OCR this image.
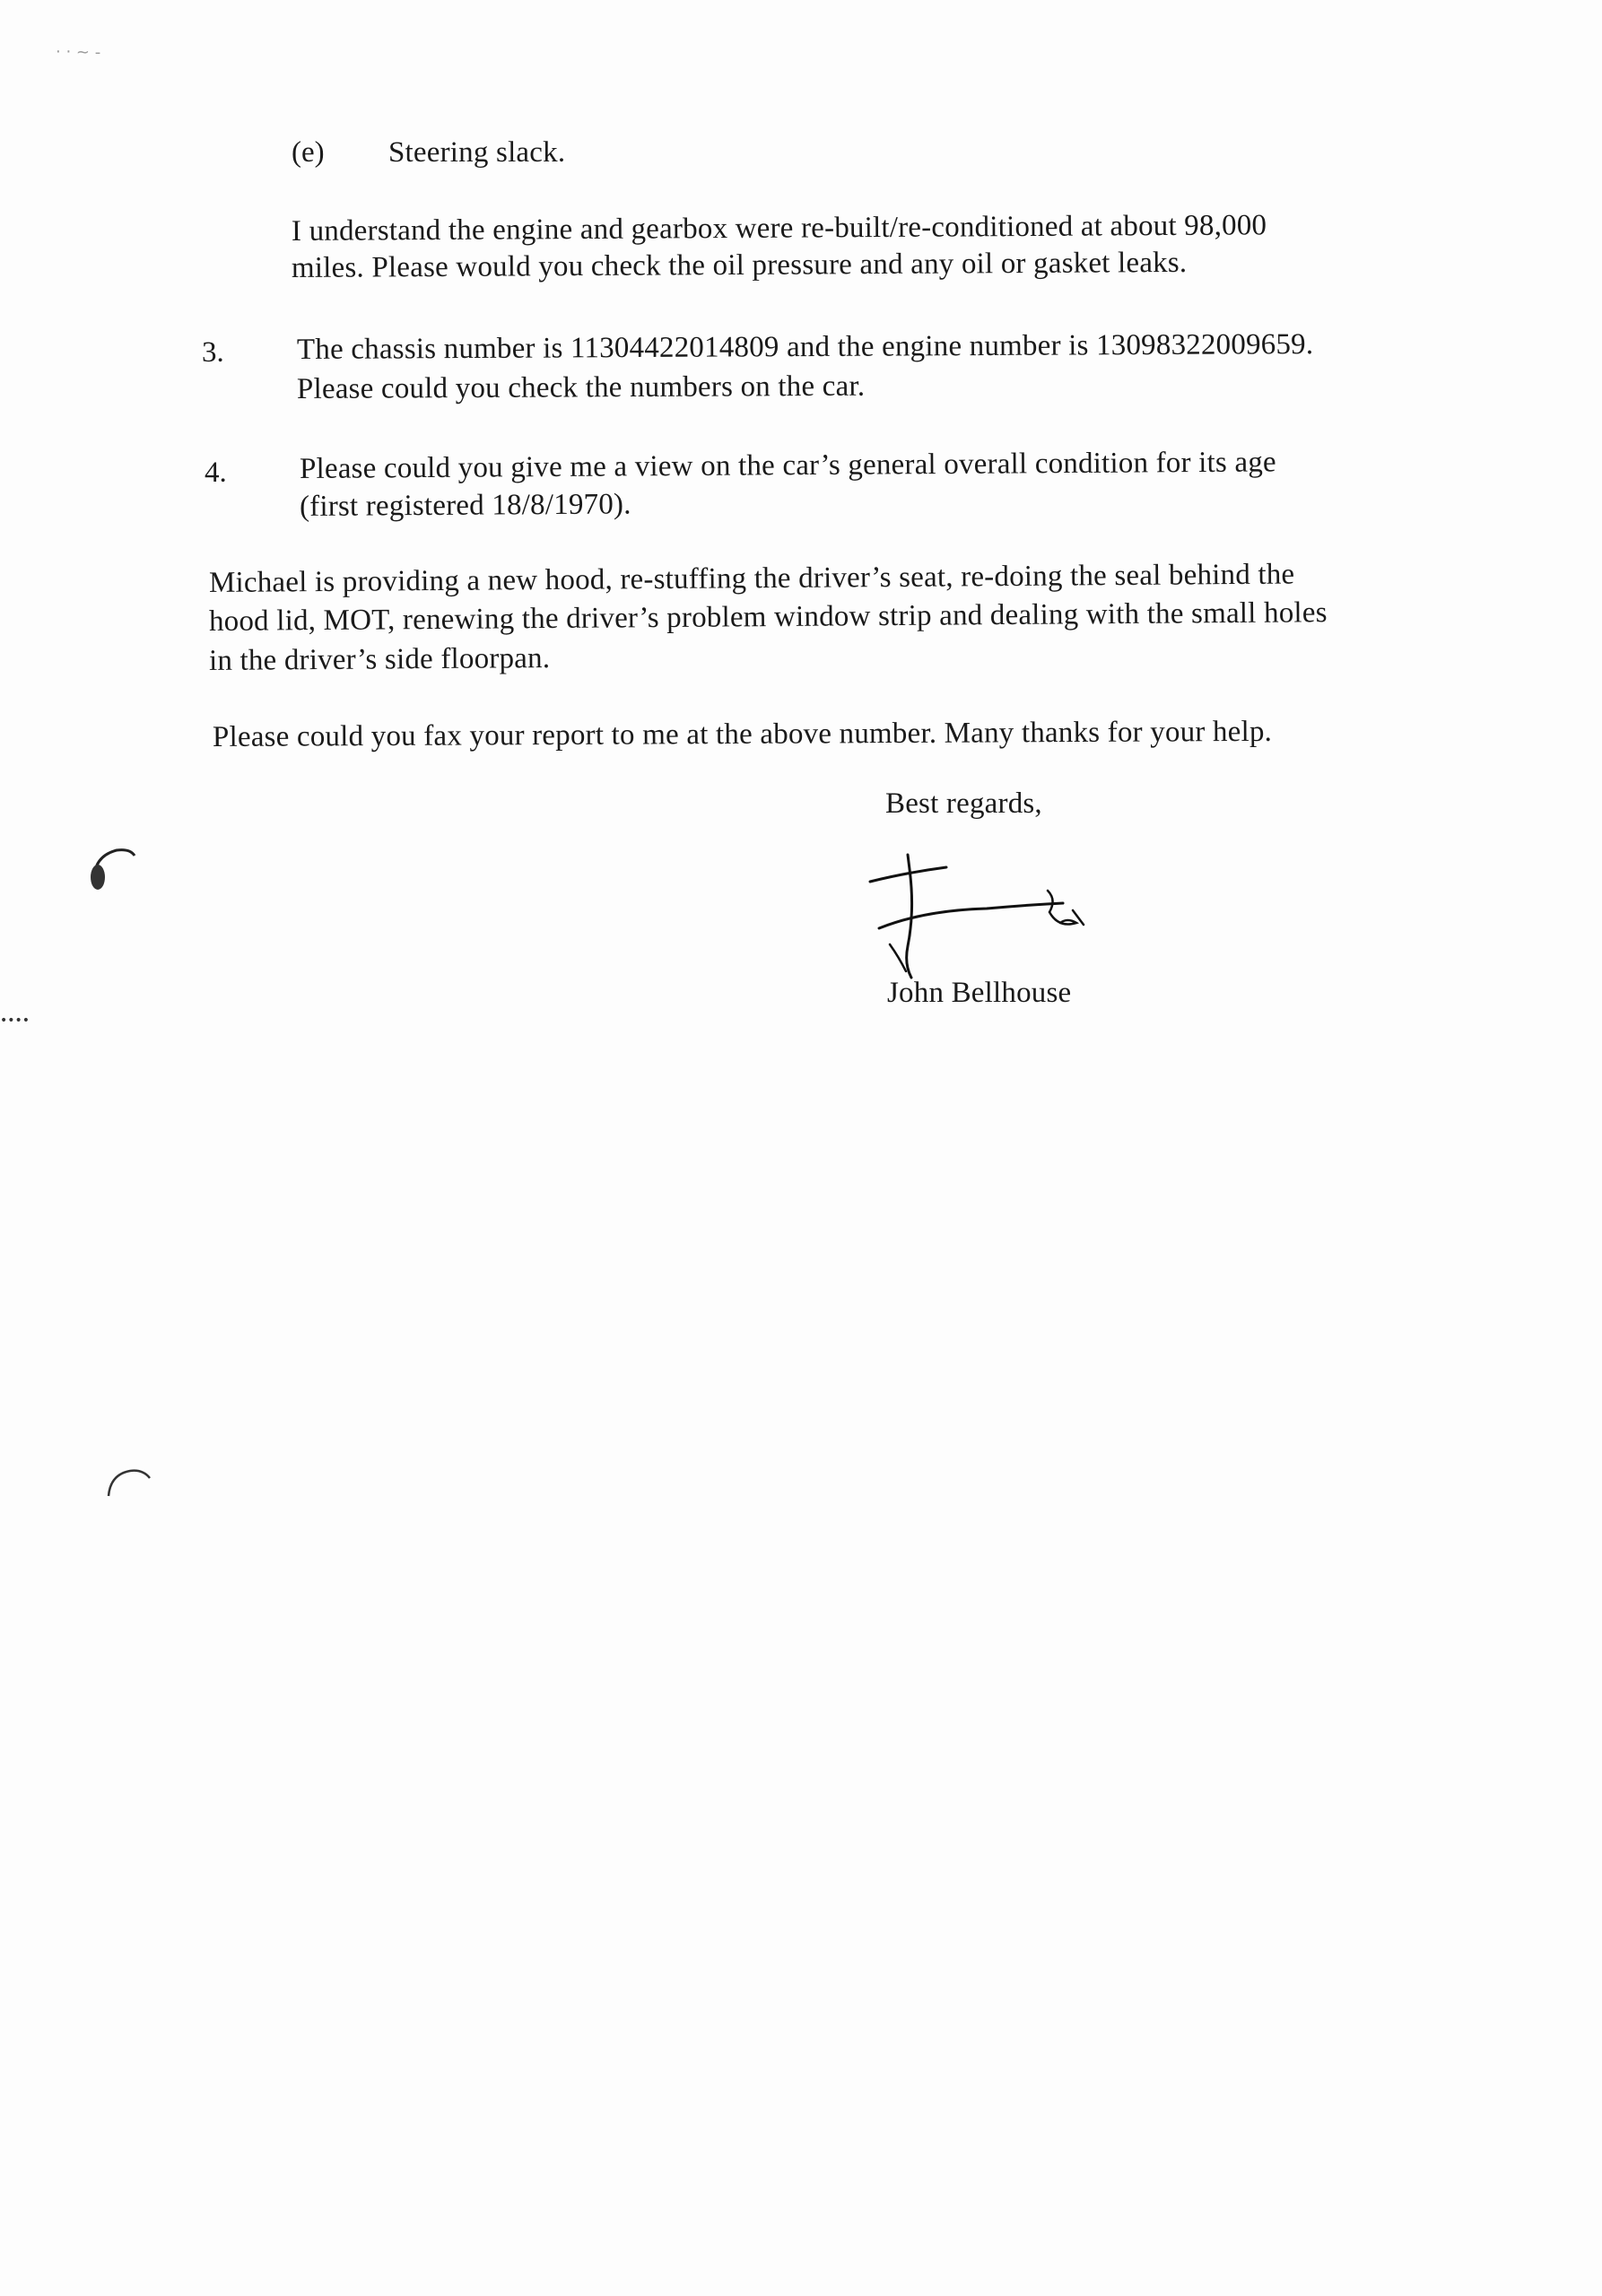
‧ ‧ ~ -
••••
(e) Steering slack.
I understand the engine and gearbox were re-built/re-conditioned at about 98,000
miles. Please would you check the oil pressure and any oil or gasket leaks.
3. The chassis number is 11304422014809 and the engine number is 13098322009659.
Please could you check the numbers on the car.
4. Please could you give me a view on the car’s general overall condition for its age
(first registered 18/8/1970).
Michael is providing a new hood, re-stuffing the driver’s seat, re-doing the seal behind the
hood lid, MOT, renewing the driver’s problem window strip and dealing with the small holes
in the driver’s side floorpan.
Please could you fax your report to me at the above number. Many thanks for your help.
Best regards,
John Bellhouse
